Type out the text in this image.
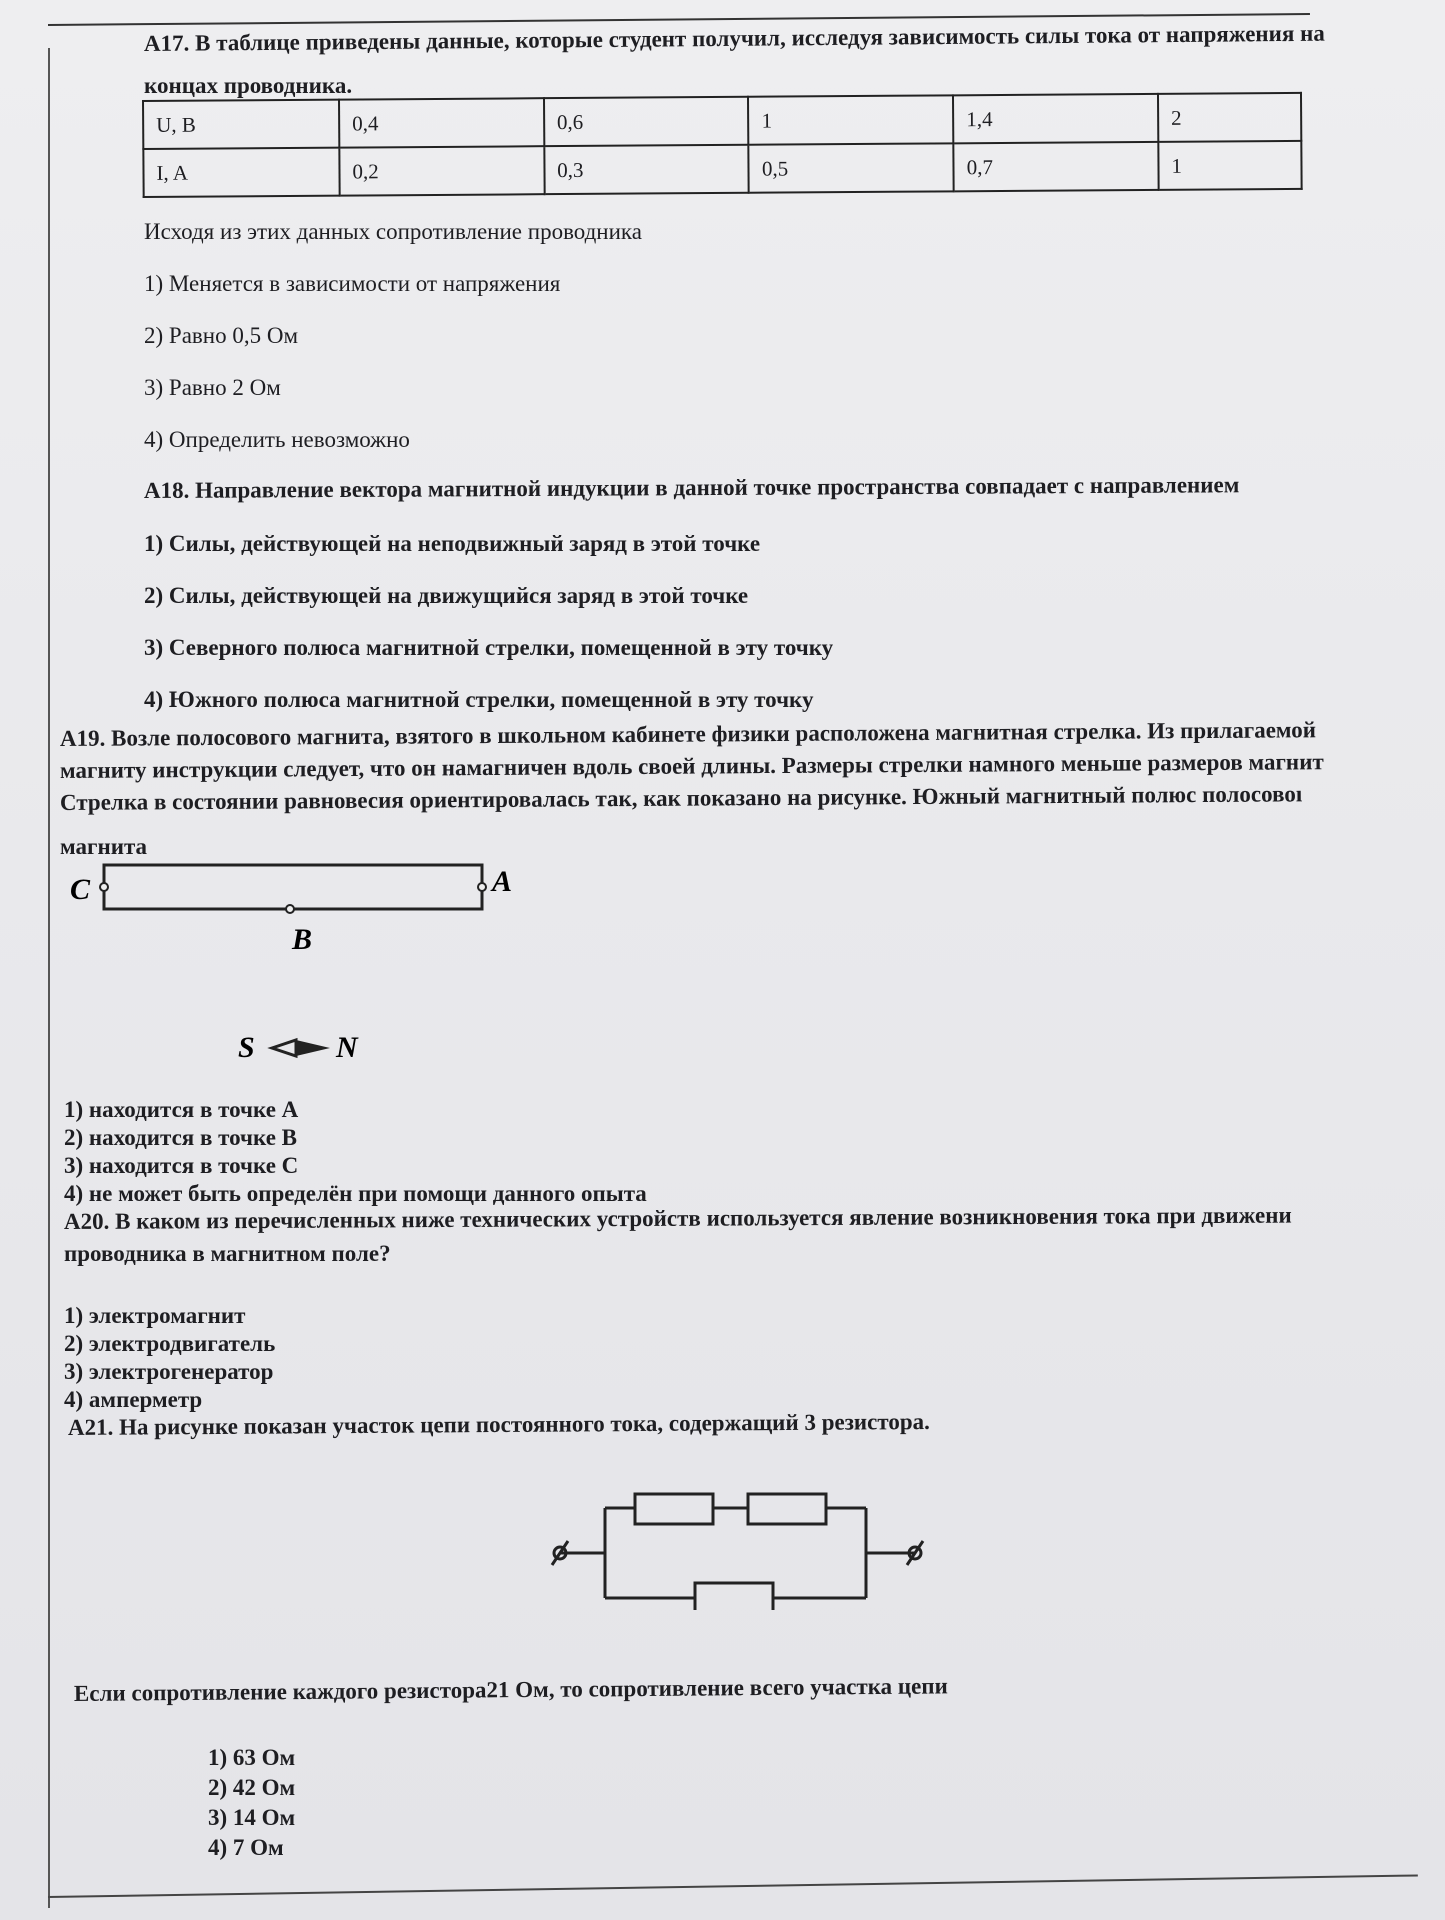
A17. В таблице приведены данные, которые студент получил, исследуя зависимость силы тока от напряжения на
концах проводника.
U, В	0,4	0,6	1	1,4	2
I, A	0,2	0,3	0,5	0,7	1
Исходя из этих данных сопротивление проводника
1) Меняется в зависимости от напряжения
2) Равно 0,5 Ом
3) Равно 2 Ом
4) Определить невозможно
A18. Направление вектора магнитной индукции в данной точке пространства совпадает с направлением
1) Силы, действующей на неподвижный заряд в этой точке
2) Силы, действующей на движущийся заряд в этой точке
3) Северного полюса магнитной стрелки, помещенной в эту точку
4) Южного полюса магнитной стрелки, помещенной в эту точку
A19. Возле полосового магнита, взятого в школьном кабинете физики расположена магнитная стрелка. Из прилагаемой
магниту инструкции следует, что он намагничен вдоль своей длины. Размеры стрелки намного меньше размеров магнит
Стрелка в состоянии равновесия ориентировалась так, как показано на рисунке. Южный магнитный полюс полосовоı
магнита
C	A
B
S	N
1) находится в точке А
2) находится в точке В
3) находится в точке С
4) не может быть определён при помощи данного опыта
A20. В каком из перечисленных ниже технических устройств используется явление возникновения тока при движени
проводника в магнитном поле?
1) электромагнит
2) электродвигатель
3) электрогенератор
4) амперметр
A21. На рисунке показан участок цепи постоянного тока, содержащий 3 резистора.
Если сопротивление каждого резистора21 Ом, то сопротивление всего участка цепи
1) 63 Ом
2) 42 Ом
3) 14 Ом
4) 7 Ом
